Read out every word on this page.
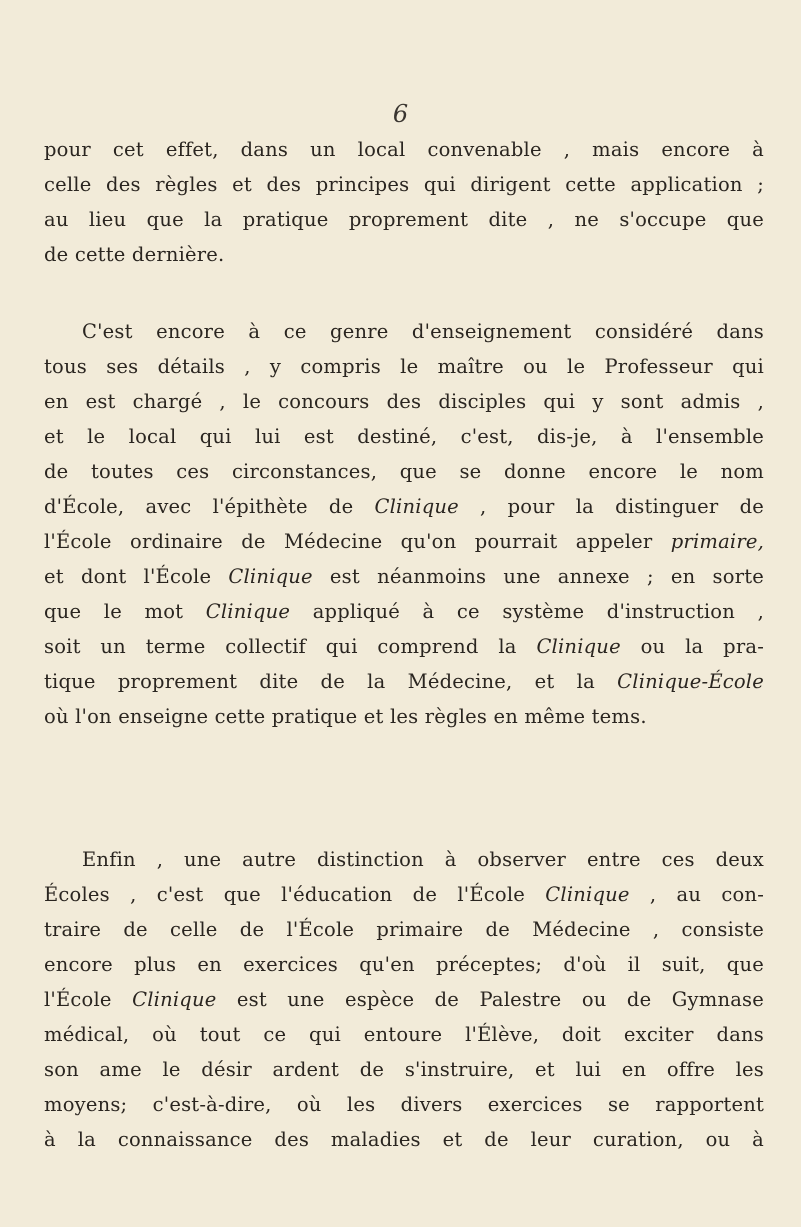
6
pour cet effet, dans un local convenable , mais encore à
celle des règles et des principes qui dirigent cette application ;
au lieu que la pratique proprement dite , ne s'occupe que
de cette dernière.
C'est encore à ce genre d'enseignement considéré dans
tous ses détails , y compris le maître ou le Professeur qui
en est chargé , le concours des disciples qui y sont admis ,
et le local qui lui est destiné, c'est, dis-je, à l'ensemble
de toutes ces circonstances, que se donne encore le nom
d'École, avec l'épithète de Clinique , pour la distinguer de
l'École ordinaire de Médecine qu'on pourrait appeler primaire,
et dont l'École Clinique est néanmoins une annexe ; en sorte
que le mot Clinique appliqué à ce système d'instruction ,
soit un terme collectif qui comprend la Clinique ou la pra-
tique proprement dite de la Médecine, et la Clinique-École
où l'on enseigne cette pratique et les règles en même tems.
Enfin , une autre distinction à observer entre ces deux
Écoles , c'est que l'éducation de l'École Clinique , au con-
traire de celle de l'École primaire de Médecine , consiste
encore plus en exercices qu'en préceptes; d'où il suit, que
l'École Clinique est une espèce de Palestre ou de Gymnase
médical, où tout ce qui entoure l'Élève, doit exciter dans
son ame le désir ardent de s'instruire, et lui en offre les
moyens; c'est-à-dire, où les divers exercices se rapportent
à la connaissance des maladies et de leur curation, ou à
